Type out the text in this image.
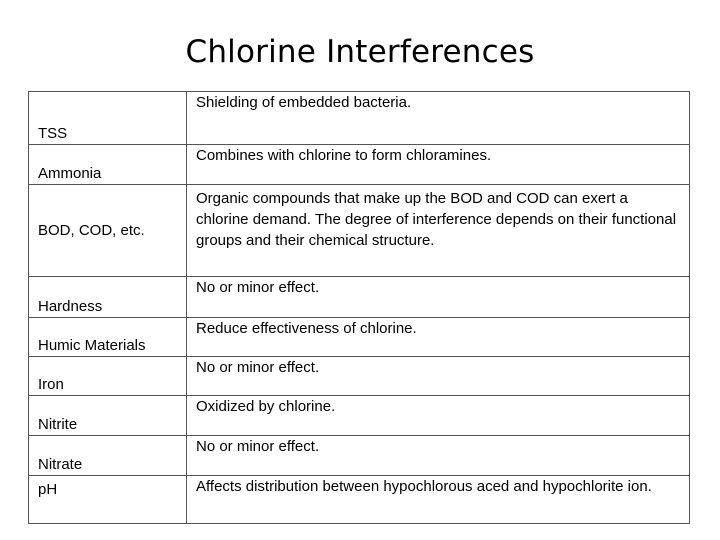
Chlorine Interferences
TSS	Shielding of embedded bacteria.
Ammonia	Combines with chlorine to form chloramines.
BOD, COD, etc.	Organic compounds that make up the BOD and COD can exert a chlorine demand. The degree of interference depends on their functional groups and their chemical structure.
Hardness	No or minor effect.
Humic Materials	Reduce effectiveness of chlorine.
Iron	No or minor effect.
Nitrite	Oxidized by chlorine.
Nitrate	No or minor effect.
pH	Affects distribution between hypochlorous aced and hypochlorite ion.
